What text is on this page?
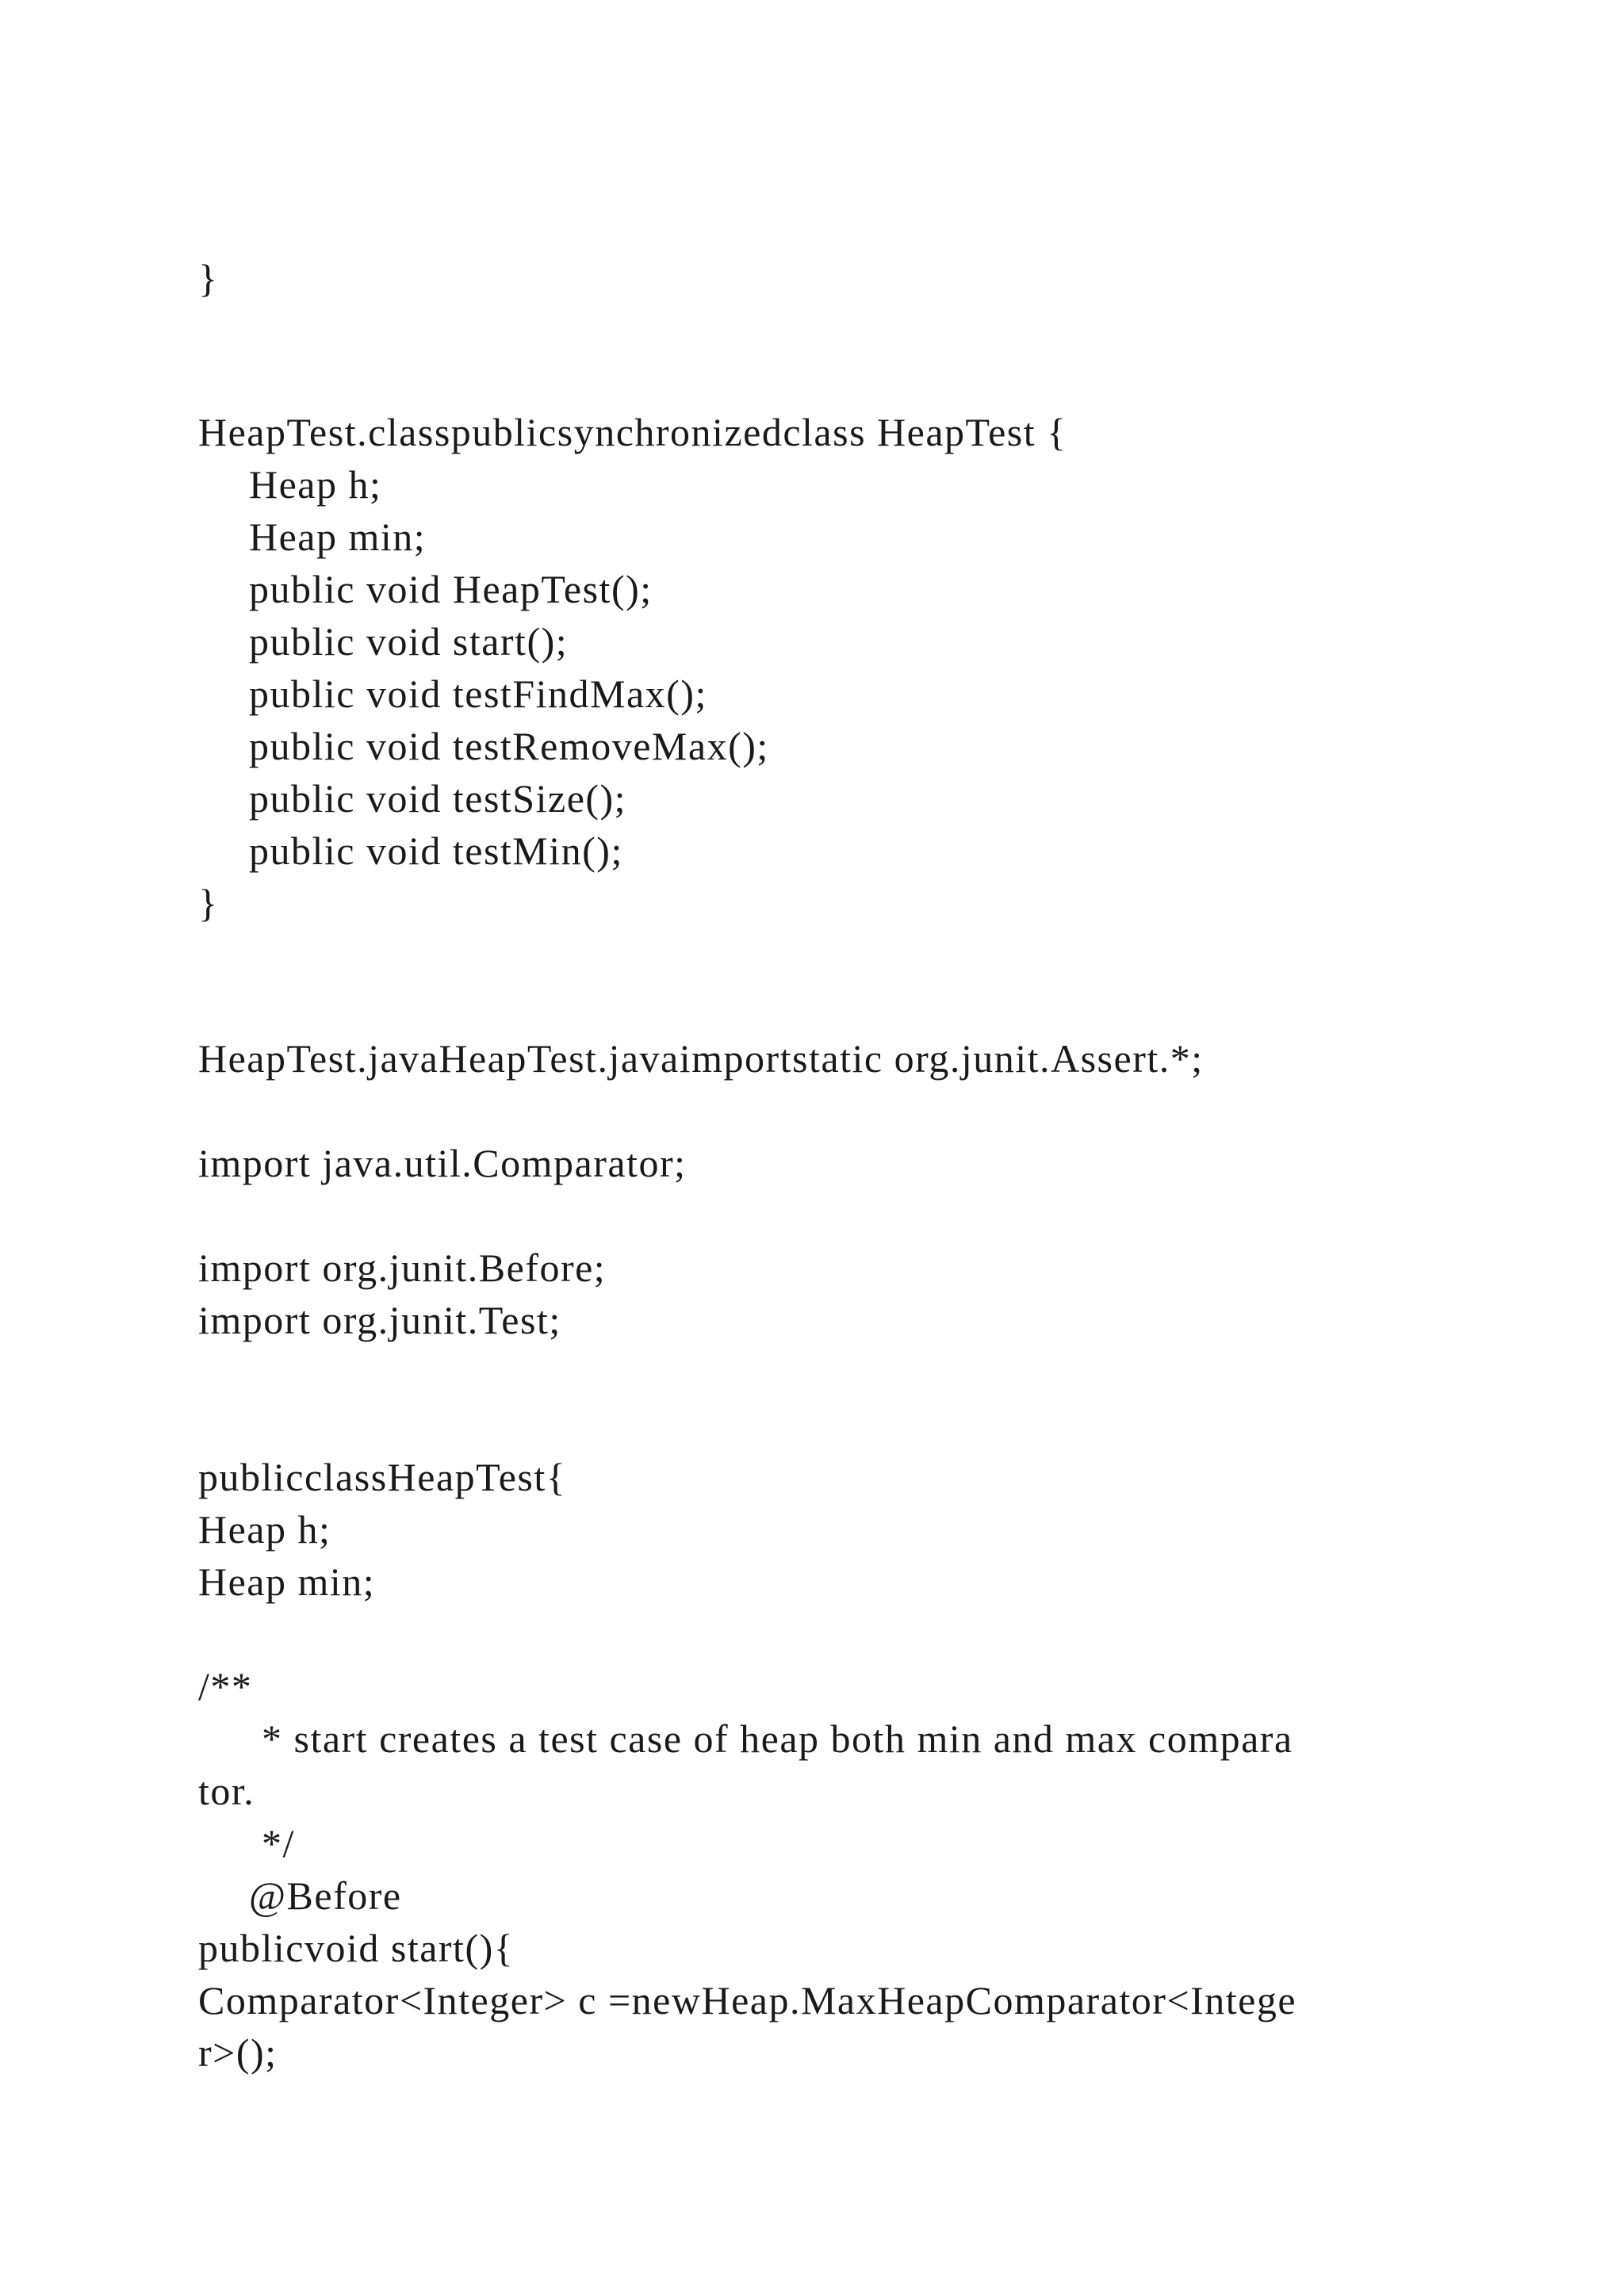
}
HeapTest.classpublicsynchronizedclass HeapTest {
Heap h;
Heap min;
public void HeapTest();
public void start();
public void testFindMax();
public void testRemoveMax();
public void testSize();
public void testMin();
}
HeapTest.javaHeapTest.javaimportstatic org.junit.Assert.*;
import java.util.Comparator;
import org.junit.Before;
import org.junit.Test;
publicclassHeapTest{
Heap h;
Heap min;
/**
* start creates a test case of heap both min and max compara
tor.
*/
@Before
publicvoid start(){
Comparator<Integer> c =newHeap.MaxHeapComparator<Intege
r>();
